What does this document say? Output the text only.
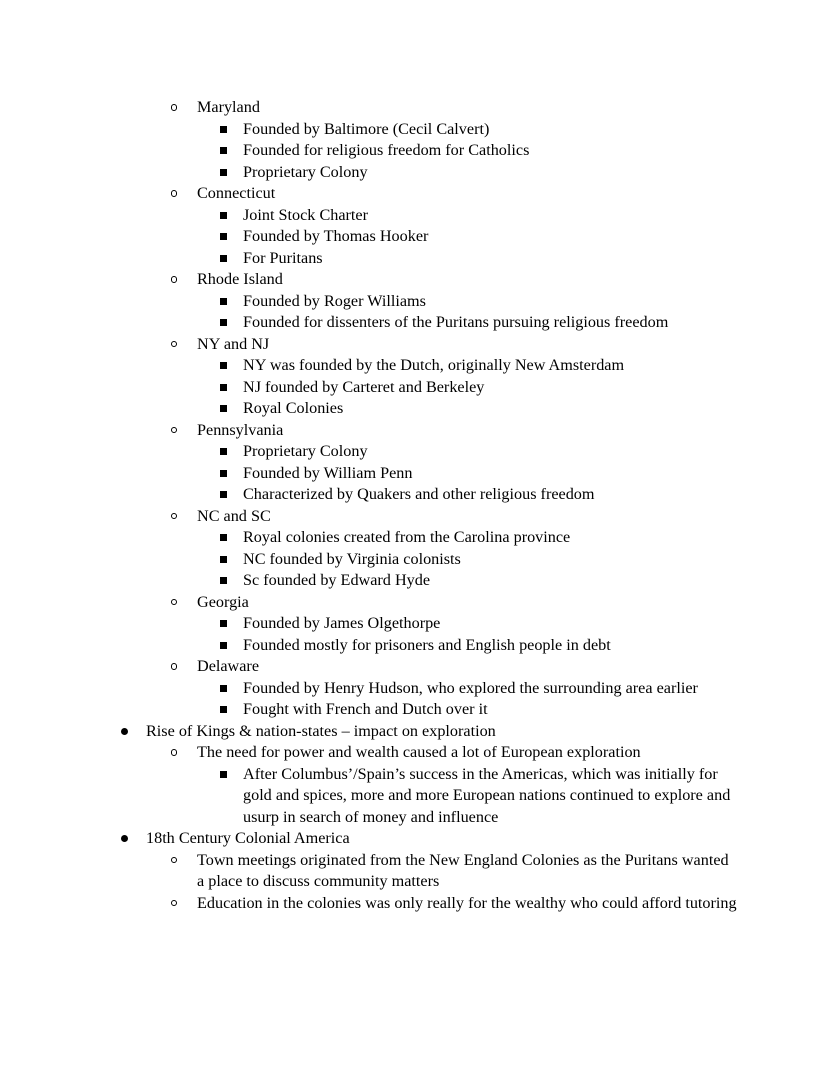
Maryland
Founded by Baltimore (Cecil Calvert)
Founded for religious freedom for Catholics
Proprietary Colony
Connecticut
Joint Stock Charter
Founded by Thomas Hooker
For Puritans
Rhode Island
Founded by Roger Williams
Founded for dissenters of the Puritans pursuing religious freedom
NY and NJ
NY was founded by the Dutch, originally New Amsterdam
NJ founded by Carteret and Berkeley
Royal Colonies
Pennsylvania
Proprietary Colony
Founded by William Penn
Characterized by Quakers and other religious freedom
NC and SC
Royal colonies created from the Carolina province
NC founded by Virginia colonists
Sc founded by Edward Hyde
Georgia
Founded by James Olgethorpe
Founded mostly for prisoners and English people in debt
Delaware
Founded by Henry Hudson, who explored the surrounding area earlier
Fought with French and Dutch over it
Rise of Kings & nation-states – impact on exploration
The need for power and wealth caused a lot of European exploration
After Columbus’/Spain’s success in the Americas, which was initially for gold and spices, more and more European nations continued to explore and usurp in search of money and influence
18th Century Colonial America
Town meetings originated from the New England Colonies as the Puritans wanted a place to discuss community matters
Education in the colonies was only really for the wealthy who could afford tutoring
